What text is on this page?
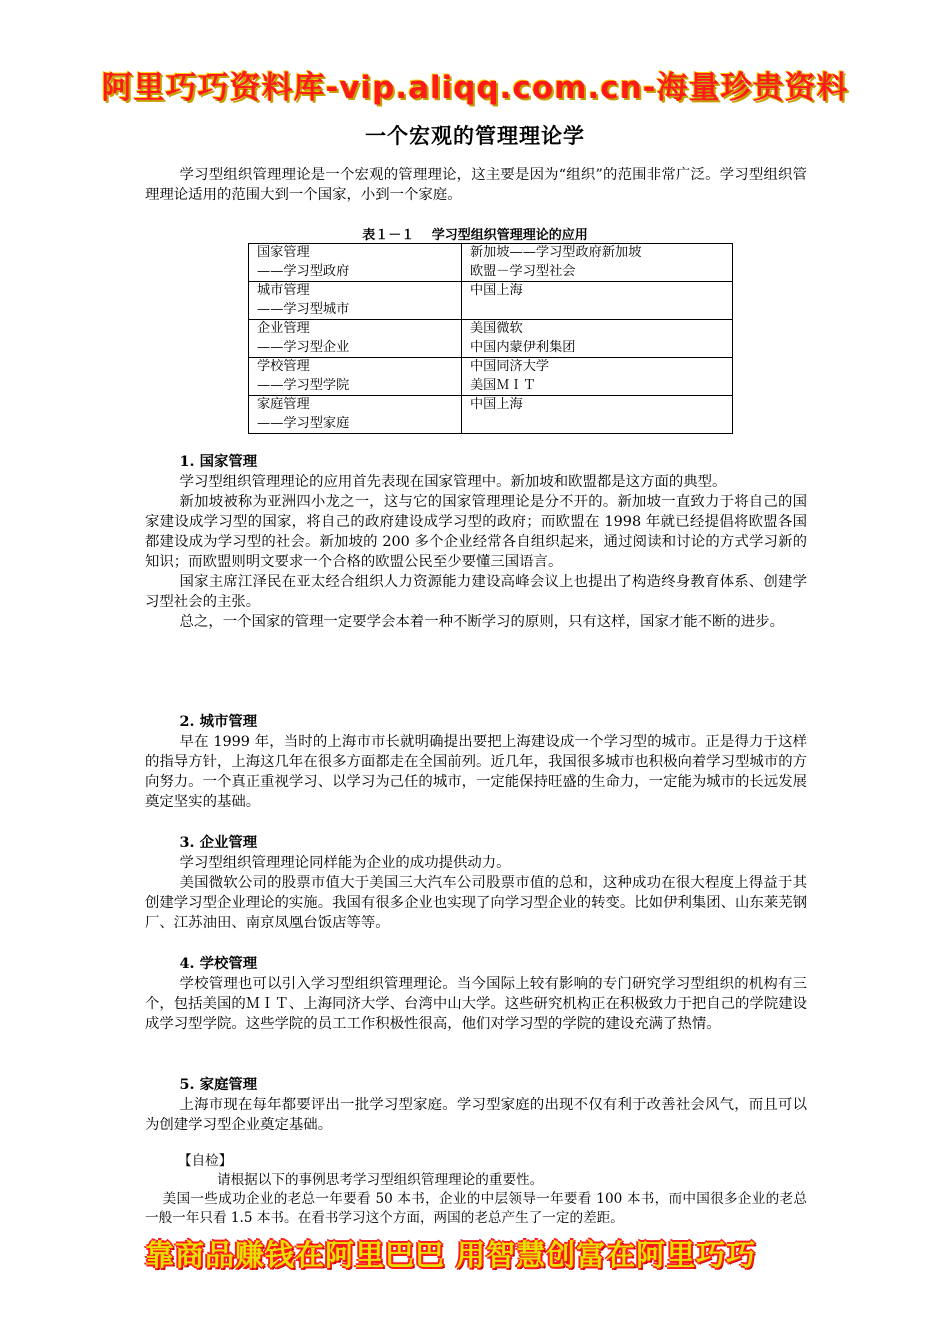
阿里巧巧资料库-vip.aliqq.com.cn-海量珍贵资料
一个宏观的管理理论学

学习型组织管理理论是一个宏观的管理理论，这主要是因为“组织”的范围非常广泛。学习型组织管理理论适用的范围大到一个国家，小到一个家庭。

表１－１　 学习型组织管理理论的应用
国家管理
——学习型政府	新加坡——学习型政府新加坡
欧盟－学习型社会

城市管理
——学习型城市	中国上海

企业管理
——学习型企业	美国微软
中国内蒙伊利集团

学校管理
——学习型学院	中国同济大学
美国ＭＩＴ

家庭管理
——学习型家庭	中国上海

1. 国家管理

学习型组织管理理论的应用首先表现在国家管理中。新加坡和欧盟都是这方面的典型。

新加坡被称为亚洲四小龙之一，这与它的国家管理理论是分不开的。新加坡一直致力于将自己的国家建设成学习型的国家，将自己的政府建设成学习型的政府；而欧盟在 1998 年就已经提倡将欧盟各国都建设成为学习型的社会。新加坡的 200 多个企业经常各自组织起来，通过阅读和讨论的方式学习新的知识；而欧盟则明文要求一个合格的欧盟公民至少要懂三国语言。

国家主席江泽民在亚太经合组织人力资源能力建设高峰会议上也提出了构造终身教育体系、创建学习型社会的主张。

总之，一个国家的管理一定要学会本着一种不断学习的原则，只有这样，国家才能不断的进步。

2. 城市管理

早在 1999 年，当时的上海市市长就明确提出要把上海建设成一个学习型的城市。正是得力于这样的指导方针，上海这几年在很多方面都走在全国前列。近几年，我国很多城市也积极向着学习型城市的方向努力。一个真正重视学习、以学习为己任的城市，一定能保持旺盛的生命力，一定能为城市的长远发展奠定坚实的基础。

3. 企业管理

学习型组织管理理论同样能为企业的成功提供动力。

美国微软公司的股票市值大于美国三大汽车公司股票市值的总和，这种成功在很大程度上得益于其创建学习型企业理论的实施。我国有很多企业也实现了向学习型企业的转变。比如伊利集团、山东莱芜钢厂、江苏油田、南京凤凰台饭店等等。

4. 学校管理

学校管理也可以引入学习型组织管理理论。当今国际上较有影响的专门研究学习型组织的机构有三个，包括美国的ＭＩＴ、上海同济大学、台湾中山大学。这些研究机构正在积极致力于把自己的学院建设成学习型学院。这些学院的员工工作积极性很高，他们对学习型的学院的建设充满了热情。

5. 家庭管理

上海市现在每年都要评出一批学习型家庭。学习型家庭的出现不仅有利于改善社会风气，而且可以为创建学习型企业奠定基础。

【自检】

请根据以下的事例思考学习型组织管理理论的重要性。

美国一些成功企业的老总一年要看 50 本书，企业的中层领导一年要看 100 本书，而中国很多企业的老总一般一年只看 1.5 本书。在看书学习这个方面，两国的老总产生了一定的差距。

靠商品赚钱在阿里巴巴 用智慧创富在阿里巧巧
